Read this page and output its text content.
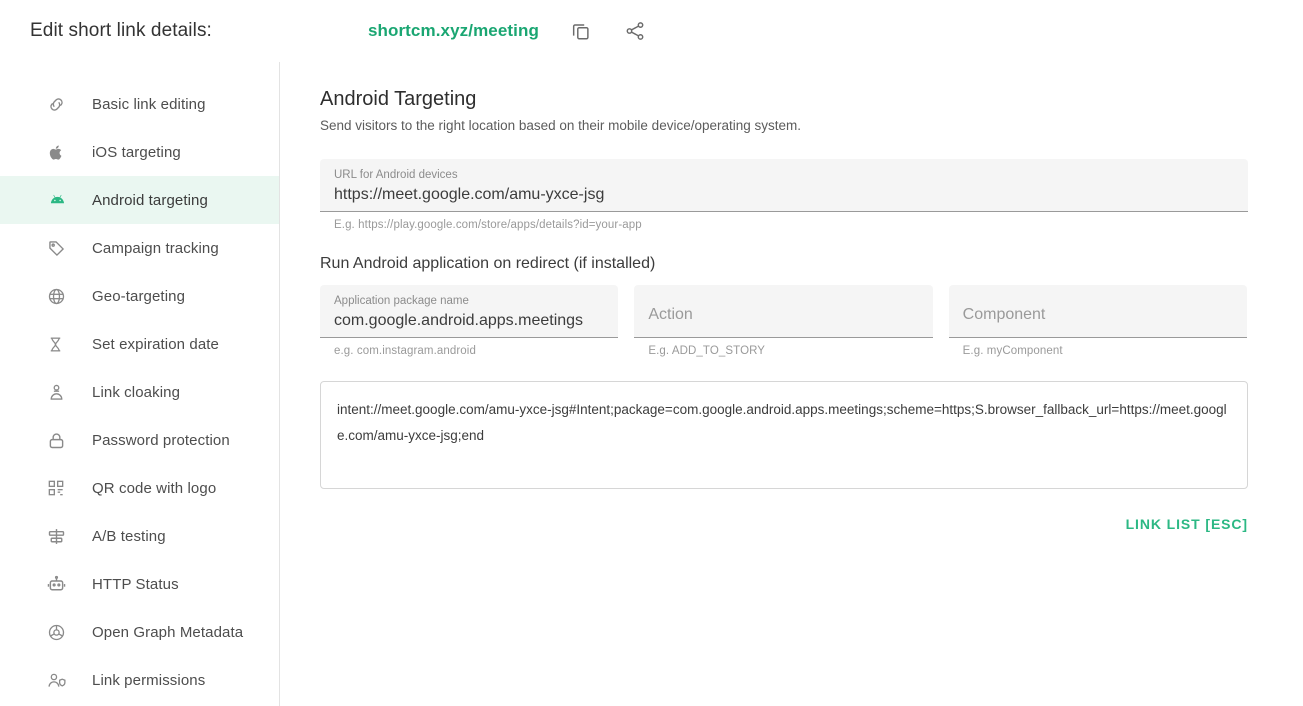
Edit short link details:	shortcm.xyz/meeting
Basic link editing
iOS targeting
Android targeting
Campaign tracking
Geo-targeting
Set expiration date
Link cloaking
Password protection
QR code with logo
A/B testing
HTTP Status
Open Graph Metadata
Link permissions
Android Targeting

Send visitors to the right location based on their mobile device/operating system.

URL for Android devices
https://meet.google.com/amu-yxce-jsg
E.g. https://play.google.com/store/apps/details?id=your-app
Run Android application on redirect (if installed)
Application package name
com.google.android.apps.meetings
e.g. com.instagram.android
Action
E.g. ADD_TO_STORY
Component
E.g. myComponent
intent://meet.google.com/amu-yxce-jsg#Intent;package=com.google.android.apps.meetings;scheme=https;S.browser_fallback_url=https://meet.google.com/amu-yxce-jsg;end
LINK LIST [ESC]
